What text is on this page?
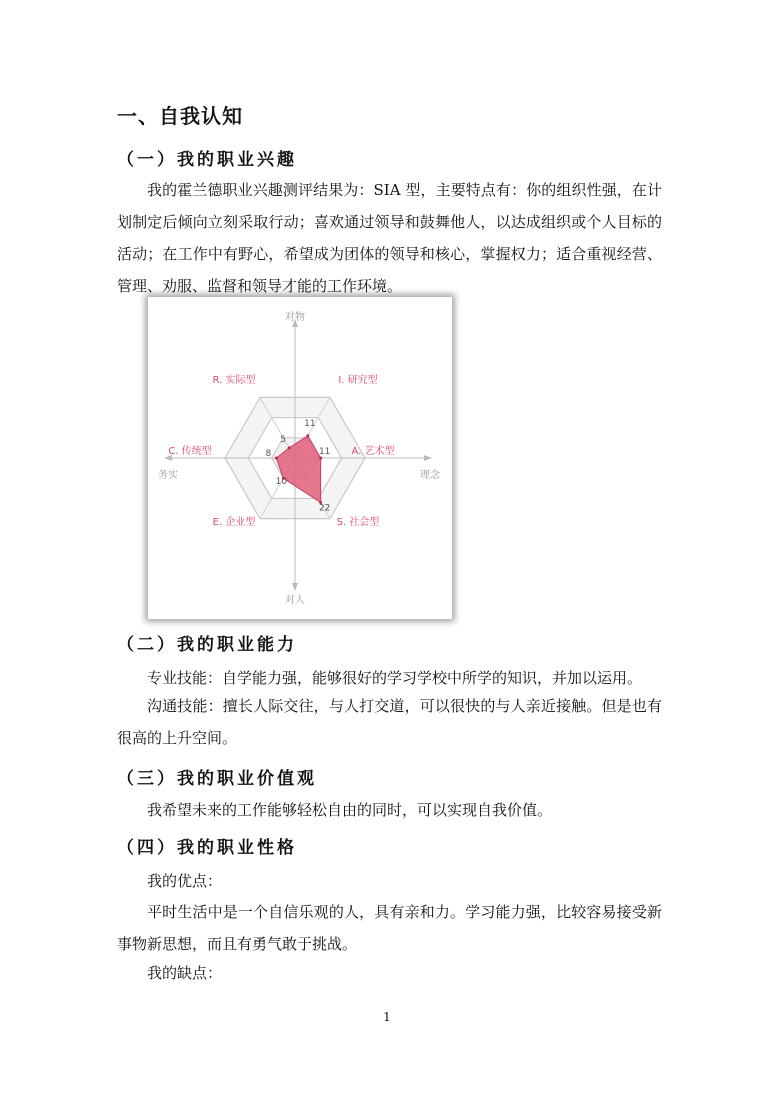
一、自我认知
（一）我的职业兴趣
我的霍兰德职业兴趣测评结果为：SIA 型，主要特点有：你的组织性强，在计划制定后倾向立刻采取行动；喜欢通过领导和鼓舞他人，以达成组织或个人目标的活动；在工作中有野心，希望成为团体的领导和核心，掌握权力；适合重视经营、管理、劝服、监督和领导才能的工作环境。
对物
对人
务实	理念
5
11
11
22
10
8
R. 实际型	I. 研究型
A. 艺术型
S. 社会型
E. 企业型
C. 传统型
（二）我的职业能力
专业技能：自学能力强，能够很好的学习学校中所学的知识，并加以运用。
沟通技能：擅长人际交往，与人打交道，可以很快的与人亲近接触。但是也有很高的上升空间。
（三）我的职业价值观
我希望未来的工作能够轻松自由的同时，可以实现自我价值。
（四）我的职业性格
我的优点：
平时生活中是一个自信乐观的人，具有亲和力。学习能力强，比较容易接受新事物新思想，而且有勇气敢于挑战。
我的缺点：
1
